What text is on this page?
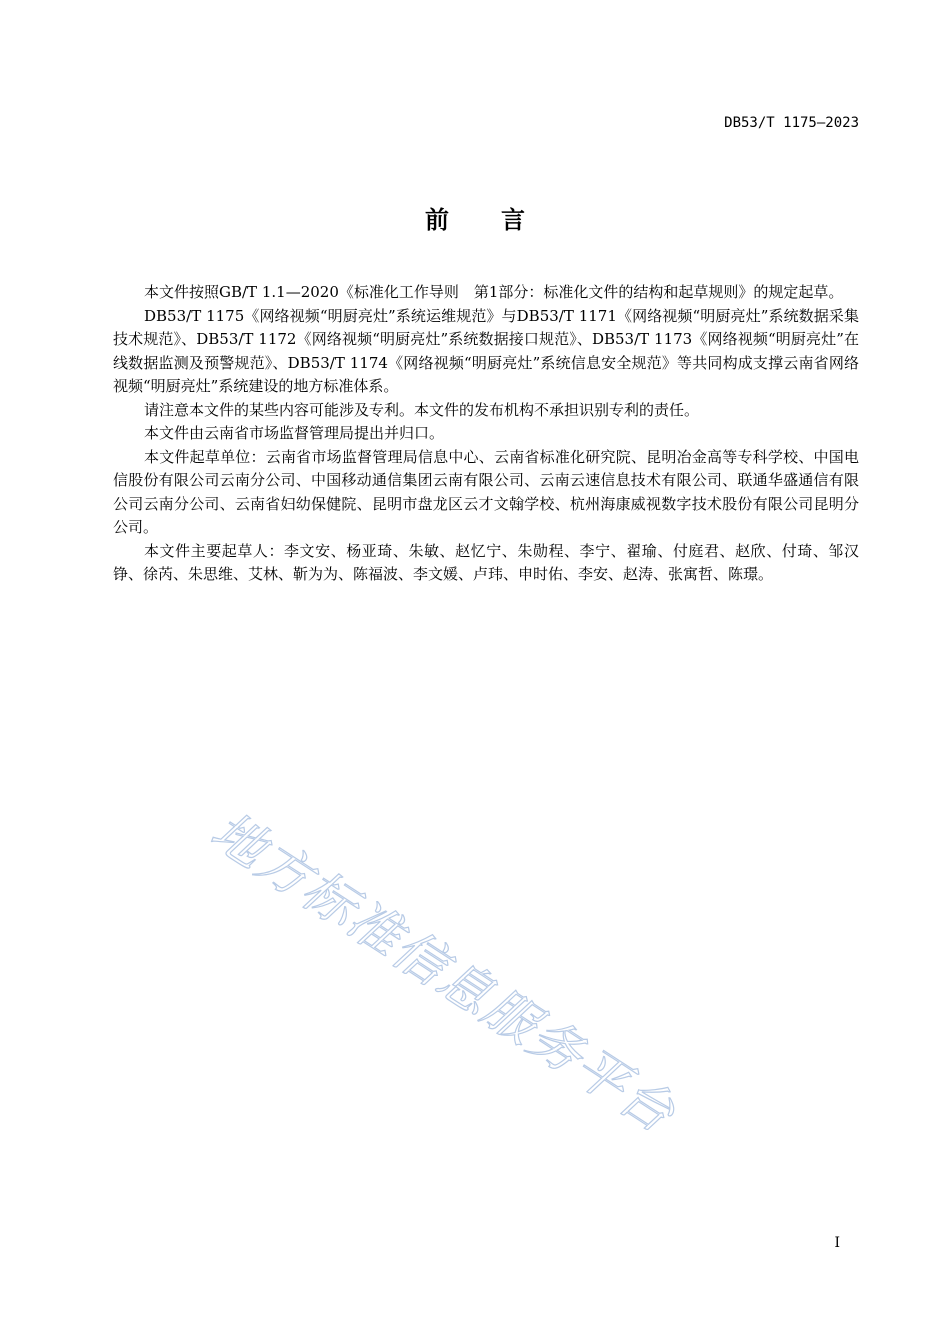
DB53/T 1175—2023
前 言

本文件按照GB/T 1.1—2020《标准化工作导则　第1部分：标准化文件的结构和起草规则》的规定起草。

DB53/T 1175《网络视频“明厨亮灶”系统运维规范》与DB53/T 1171《网络视频“明厨亮灶”系统数据采集技术规范》、DB53/T 1172《网络视频“明厨亮灶”系统数据接口规范》、DB53/T 1173《网络视频“明厨亮灶”在线数据监测及预警规范》、DB53/T 1174《网络视频“明厨亮灶”系统信息安全规范》等共同构成支撑云南省网络视频“明厨亮灶”系统建设的地方标准体系。

请注意本文件的某些内容可能涉及专利。本文件的发布机构不承担识别专利的责任。

本文件由云南省市场监督管理局提出并归口。

本文件起草单位：云南省市场监督管理局信息中心、云南省标准化研究院、昆明冶金高等专科学校、中国电信股份有限公司云南分公司、中国移动通信集团云南有限公司、云南云速信息技术有限公司、联通华盛通信有限公司云南分公司、云南省妇幼保健院、昆明市盘龙区云才文翰学校、杭州海康威视数字技术股份有限公司昆明分公司。

本文件主要起草人：李文安、杨亚琦、朱敏、赵忆宁、朱勋程、李宁、翟瑜、付庭君、赵欣、付琦、邹汉铮、徐芮、朱思维、艾林、靳为为、陈福波、李文媛、卢玮、申时佑、李安、赵涛、张寓哲、陈璟。

地方标准信息服务平台
I
